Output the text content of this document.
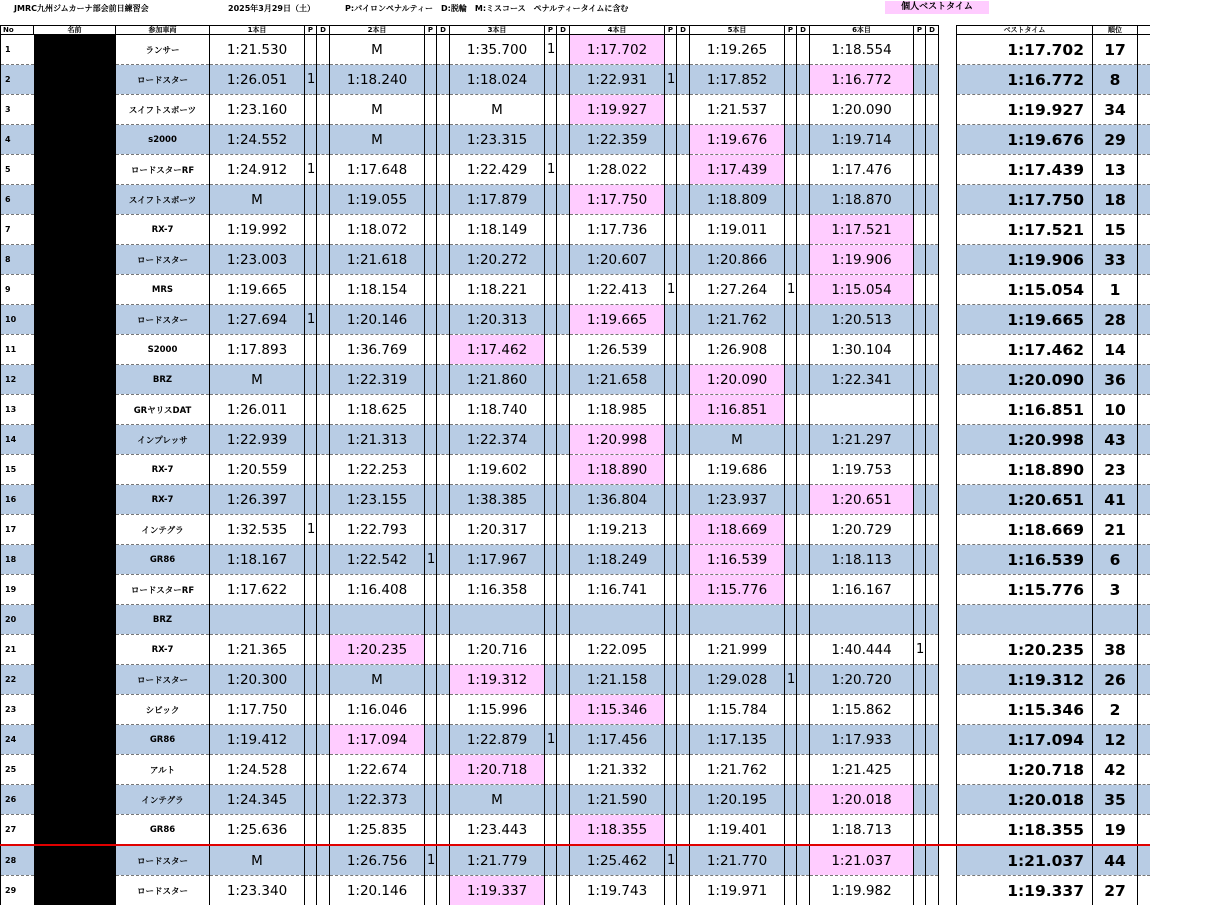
JMRC九州ジムカーナ部会前日練習会	2025年3月29日（土）	P:パイロンペナルティー　D:脱輪　M:ミスコース　ペナルティータイムに含む	個人ベストタイム
No	名前	参加車両	1本目	P	D	2本目	P	D	3本目	P	D	4本目	P	D	5本目	P	D	6本目	P	D		ベストタイム	順位	
1		ランサー	1:21.530			M			1:35.700	1		1:17.702			1:19.265			1:18.554				1:17.702	17	
2		ロードスター	1:26.051	1		1:18.240			1:18.024			1:22.931	1		1:17.852			1:16.772				1:16.772	8	
3		スイフトスポーツ	1:23.160			M			M			1:19.927			1:21.537			1:20.090				1:19.927	34	
4		s2000	1:24.552			M			1:23.315			1:22.359			1:19.676			1:19.714				1:19.676	29	
5		ロードスターRF	1:24.912	1		1:17.648			1:22.429	1		1:28.022			1:17.439			1:17.476				1:17.439	13	
6		スイフトスポーツ	M			1:19.055			1:17.879			1:17.750			1:18.809			1:18.870				1:17.750	18	
7		RX-7	1:19.992			1:18.072			1:18.149			1:17.736			1:19.011			1:17.521				1:17.521	15	
8		ロードスター	1:23.003			1:21.618			1:20.272			1:20.607			1:20.866			1:19.906				1:19.906	33	
9		MRS	1:19.665			1:18.154			1:18.221			1:22.413	1		1:27.264	1		1:15.054				1:15.054	1	
10		ロードスター	1:27.694	1		1:20.146			1:20.313			1:19.665			1:21.762			1:20.513				1:19.665	28	
11		S2000	1:17.893			1:36.769			1:17.462			1:26.539			1:26.908			1:30.104				1:17.462	14	
12		BRZ	M			1:22.319			1:21.860			1:21.658			1:20.090			1:22.341				1:20.090	36	
13		GRヤリスDAT	1:26.011			1:18.625			1:18.740			1:18.985			1:16.851							1:16.851	10	
14		インプレッサ	1:22.939			1:21.313			1:22.374			1:20.998			M			1:21.297				1:20.998	43	
15		RX-7	1:20.559			1:22.253			1:19.602			1:18.890			1:19.686			1:19.753				1:18.890	23	
16		RX-7	1:26.397			1:23.155			1:38.385			1:36.804			1:23.937			1:20.651				1:20.651	41	
17		インテグラ	1:32.535	1		1:22.793			1:20.317			1:19.213			1:18.669			1:20.729				1:18.669	21	
18		GR86	1:18.167			1:22.542	1		1:17.967			1:18.249			1:16.539			1:18.113				1:16.539	6	
19		ロードスターRF	1:17.622			1:16.408			1:16.358			1:16.741			1:15.776			1:16.167				1:15.776	3	
20		BRZ																						
21		RX-7	1:21.365			1:20.235			1:20.716			1:22.095			1:21.999			1:40.444	1			1:20.235	38	
22		ロードスター	1:20.300			M			1:19.312			1:21.158			1:29.028	1		1:20.720				1:19.312	26	
23		シビック	1:17.750			1:16.046			1:15.996			1:15.346			1:15.784			1:15.862				1:15.346	2	
24		GR86	1:19.412			1:17.094			1:22.879	1		1:17.456			1:17.135			1:17.933				1:17.094	12	
25		アルト	1:24.528			1:22.674			1:20.718			1:21.332			1:21.762			1:21.425				1:20.718	42	
26		インテグラ	1:24.345			1:22.373			M			1:21.590			1:20.195			1:20.018				1:20.018	35	
27		GR86	1:25.636			1:25.835			1:23.443			1:18.355			1:19.401			1:18.713				1:18.355	19	
28		ロードスター	M			1:26.756	1		1:21.779			1:25.462	1		1:21.770			1:21.037				1:21.037	44	
29		ロードスター	1:23.340			1:20.146			1:19.337			1:19.743			1:19.971			1:19.982				1:19.337	27	
